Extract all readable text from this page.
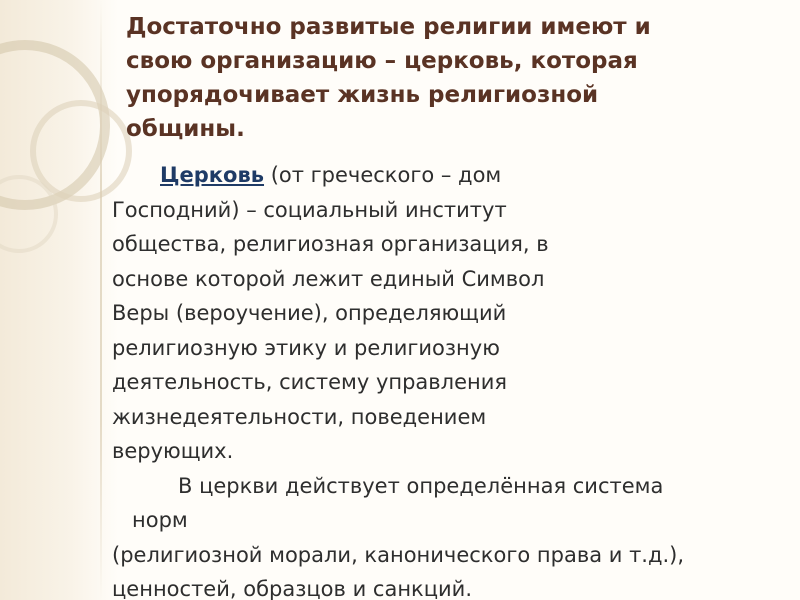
Достаточно развитые религии имеют и
свою организацию – церковь, которая
упорядочивает жизнь религиозной
общины.
Церковь (от греческого – дом
Господний) – социальный институт
общества, религиозная организация, в
основе которой лежит единый Символ
Веры (вероучение), определяющий
религиозную этику и религиозную
деятельность, систему управления
жизнедеятельности, поведением
верующих.
В церкви действует определённая система
норм
(религиозной морали, канонического права и т.д.),
ценностей, образцов и санкций.
